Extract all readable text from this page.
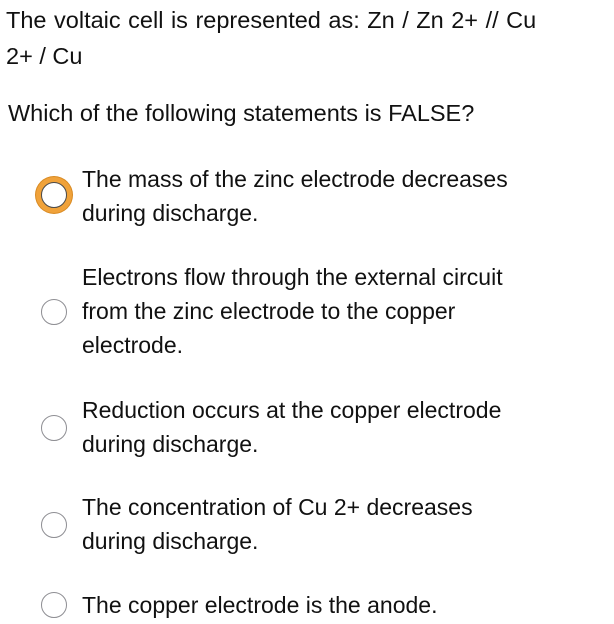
The voltaic cell is represented as: Zn / Zn 2+ // Cu
2+ / Cu
Which of the following statements is FALSE?

The mass of the zinc electrode decreases
during discharge.

Electrons flow through the external circuit
from the zinc electrode to the copper
electrode.

Reduction occurs at the copper electrode
during discharge.

The concentration of Cu 2+ decreases
during discharge.

The copper electrode is the anode.
